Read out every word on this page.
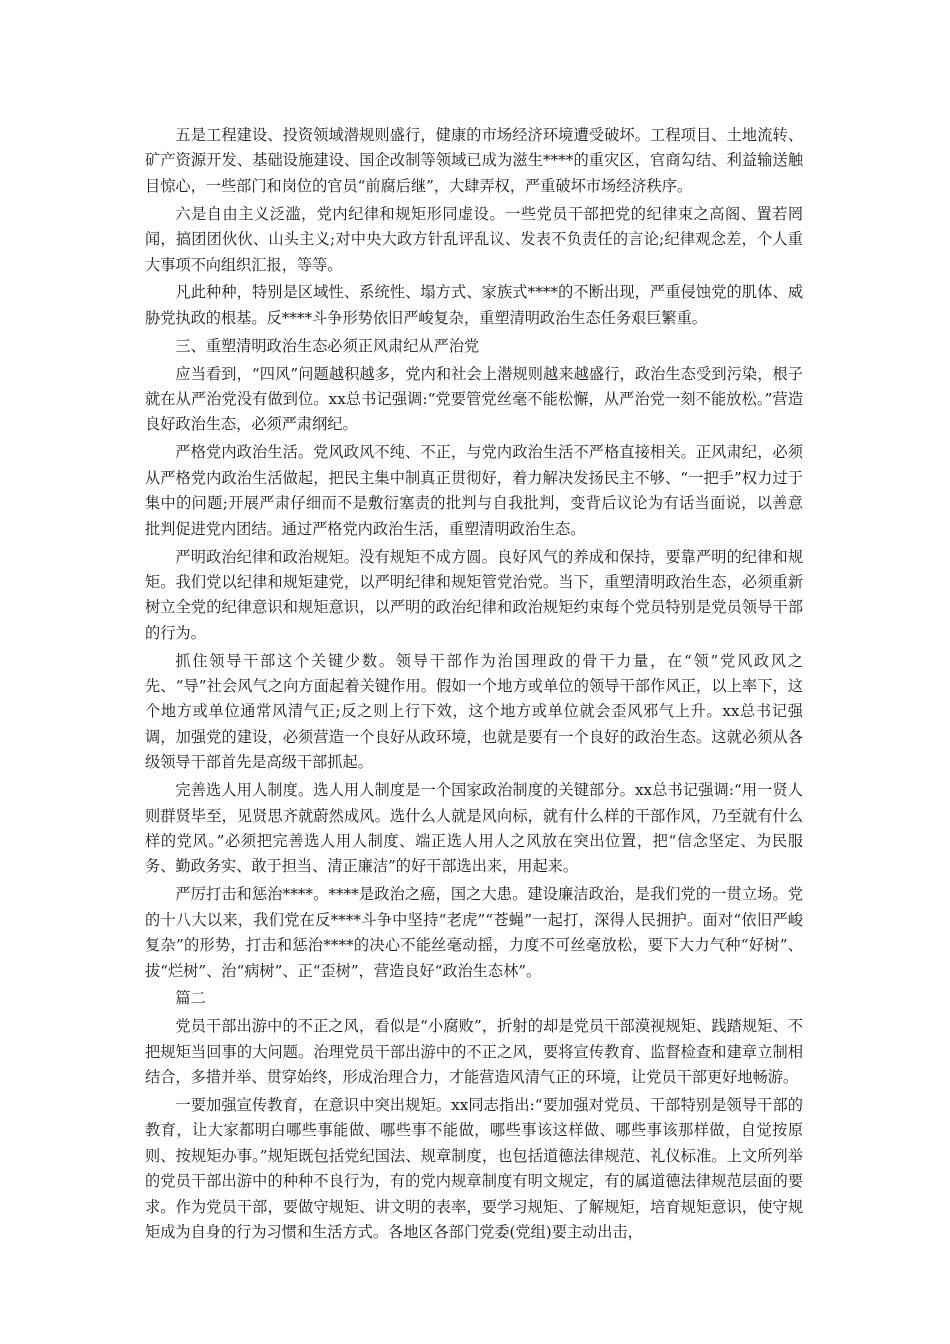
五是工程建设、投资领域潜规则盛行，健康的市场经济环境遭受破坏。工程项目、土地流转、矿产资源开发、基础设施建设、国企改制等领域已成为滋生****的重灾区，官商勾结、利益输送触目惊心，一些部门和岗位的官员“前腐后继”，大肆弄权，严重破坏市场经济秩序。

六是自由主义泛滥，党内纪律和规矩形同虚设。一些党员干部把党的纪律束之高阁、置若罔闻，搞团团伙伙、山头主义;对中央大政方针乱评乱议、发表不负责任的言论;纪律观念差，个人重大事项不向组织汇报，等等。

凡此种种，特别是区域性、系统性、塌方式、家族式****的不断出现，严重侵蚀党的肌体、威胁党执政的根基。反****斗争形势依旧严峻复杂，重塑清明政治生态任务艰巨繁重。

三、重塑清明政治生态必须正风肃纪从严治党

应当看到，“四风”问题越积越多，党内和社会上潜规则越来越盛行，政治生态受到污染，根子就在从严治党没有做到位。xx总书记强调:“党要管党丝毫不能松懈，从严治党一刻不能放松。”营造良好政治生态，必须严肃纲纪。

严格党内政治生活。党风政风不纯、不正，与党内政治生活不严格直接相关。正风肃纪，必须从严格党内政治生活做起，把民主集中制真正贯彻好，着力解决发扬民主不够、“一把手”权力过于集中的问题;开展严肃仔细而不是敷衍塞责的批判与自我批判，变背后议论为有话当面说，以善意批判促进党内团结。通过严格党内政治生活，重塑清明政治生态。

严明政治纪律和政治规矩。没有规矩不成方圆。良好风气的养成和保持，要靠严明的纪律和规矩。我们党以纪律和规矩建党，以严明纪律和规矩管党治党。当下，重塑清明政治生态，必须重新树立全党的纪律意识和规矩意识，以严明的政治纪律和政治规矩约束每个党员特别是党员领导干部的行为。

抓住领导干部这个关键少数。领导干部作为治国理政的骨干力量，在“领”党风政风之先、“导”社会风气之向方面起着关键作用。假如一个地方或单位的领导干部作风正，以上率下，这个地方或单位通常风清气正;反之则上行下效，这个地方或单位就会歪风邪气上升。xx总书记强调，加强党的建设，必须营造一个良好从政环境，也就是要有一个良好的政治生态。这就必须从各级领导干部首先是高级干部抓起。

完善选人用人制度。选人用人制度是一个国家政治制度的关键部分。xx总书记强调:“用一贤人则群贤毕至，见贤思齐就蔚然成风。选什么人就是风向标，就有什么样的干部作风，乃至就有什么样的党风。”必须把完善选人用人制度、端正选人用人之风放在突出位置，把“信念坚定、为民服务、勤政务实、敢于担当、清正廉洁”的好干部选出来，用起来。

严厉打击和惩治****。****是政治之癌，国之大患。建设廉洁政治，是我们党的一贯立场。党的十八大以来，我们党在反****斗争中坚持“老虎”“苍蝇”一起打，深得人民拥护。面对“依旧严峻复杂”的形势，打击和惩治****的决心不能丝毫动摇，力度不可丝毫放松，要下大力气种“好树”、拔“烂树”、治“病树”、正“歪树”，营造良好“政治生态林”。

篇二

党员干部出游中的不正之风，看似是“小腐败”，折射的却是党员干部漠视规矩、践踏规矩、不把规矩当回事的大问题。治理党员干部出游中的不正之风，要将宣传教育、监督检查和建章立制相结合，多措并举、贯穿始终，形成治理合力，才能营造风清气正的环境，让党员干部更好地畅游。

一要加强宣传教育，在意识中突出规矩。xx同志指出:“要加强对党员、干部特别是领导干部的教育，让大家都明白哪些事能做、哪些事不能做，哪些事该这样做、哪些事该那样做，自觉按原则、按规矩办事。”规矩既包括党纪国法、规章制度，也包括道德法律规范、礼仪标准。上文所列举的党员干部出游中的种种不良行为，有的党内规章制度有明文规定，有的属道德法律规范层面的要求。作为党员干部，要做守规矩、讲文明的表率，要学习规矩、了解规矩，培育规矩意识，使守规矩成为自身的行为习惯和生活方式。各地区各部门党委(党组)要主动出击，
